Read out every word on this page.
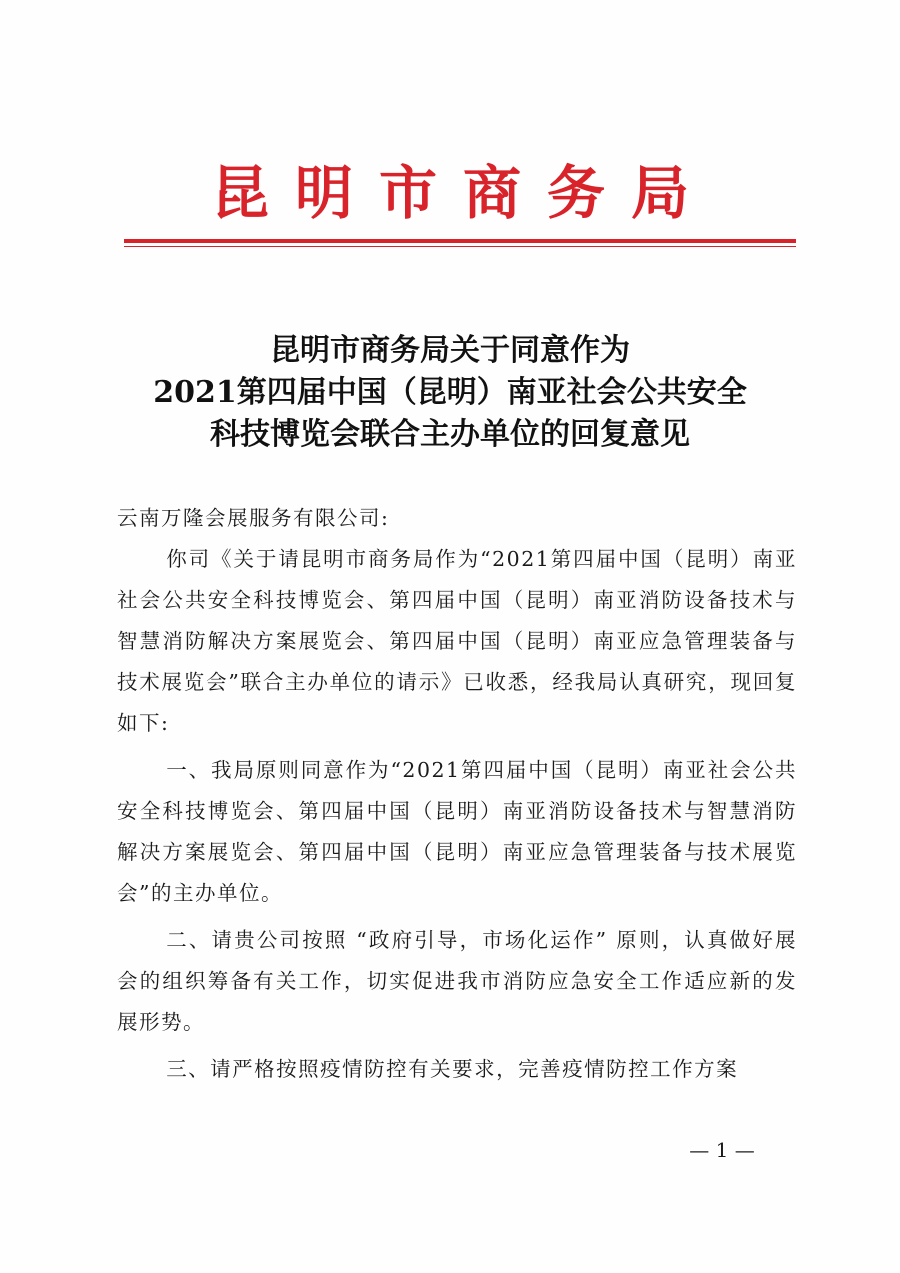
昆明市商务局
昆明市商务局关于同意作为
2021第四届中国（昆明）南亚社会公共安全
科技博览会联合主办单位的回复意见

云南万隆会展服务有限公司:

你司《关于请昆明市商务局作为“2021第四届中国（昆明）南亚社会公共安全科技博览会、第四届中国（昆明）南亚消防设备技术与智慧消防解决方案展览会、第四届中国（昆明）南亚应急管理装备与技术展览会”联合主办单位的请示》已收悉，经我局认真研究，现回复如下:

一、我局原则同意作为“2021第四届中国（昆明）南亚社会公共安全科技博览会、第四届中国（昆明）南亚消防设备技术与智慧消防解决方案展览会、第四届中国（昆明）南亚应急管理装备与技术展览会”的主办单位。

二、请贵公司按照 “政府引导，市场化运作” 原则，认真做好展会的组织筹备有关工作，切实促进我市消防应急安全工作适应新的发展形势。

三、请严格按照疫情防控有关要求，完善疫情防控工作方案

— 1 —
